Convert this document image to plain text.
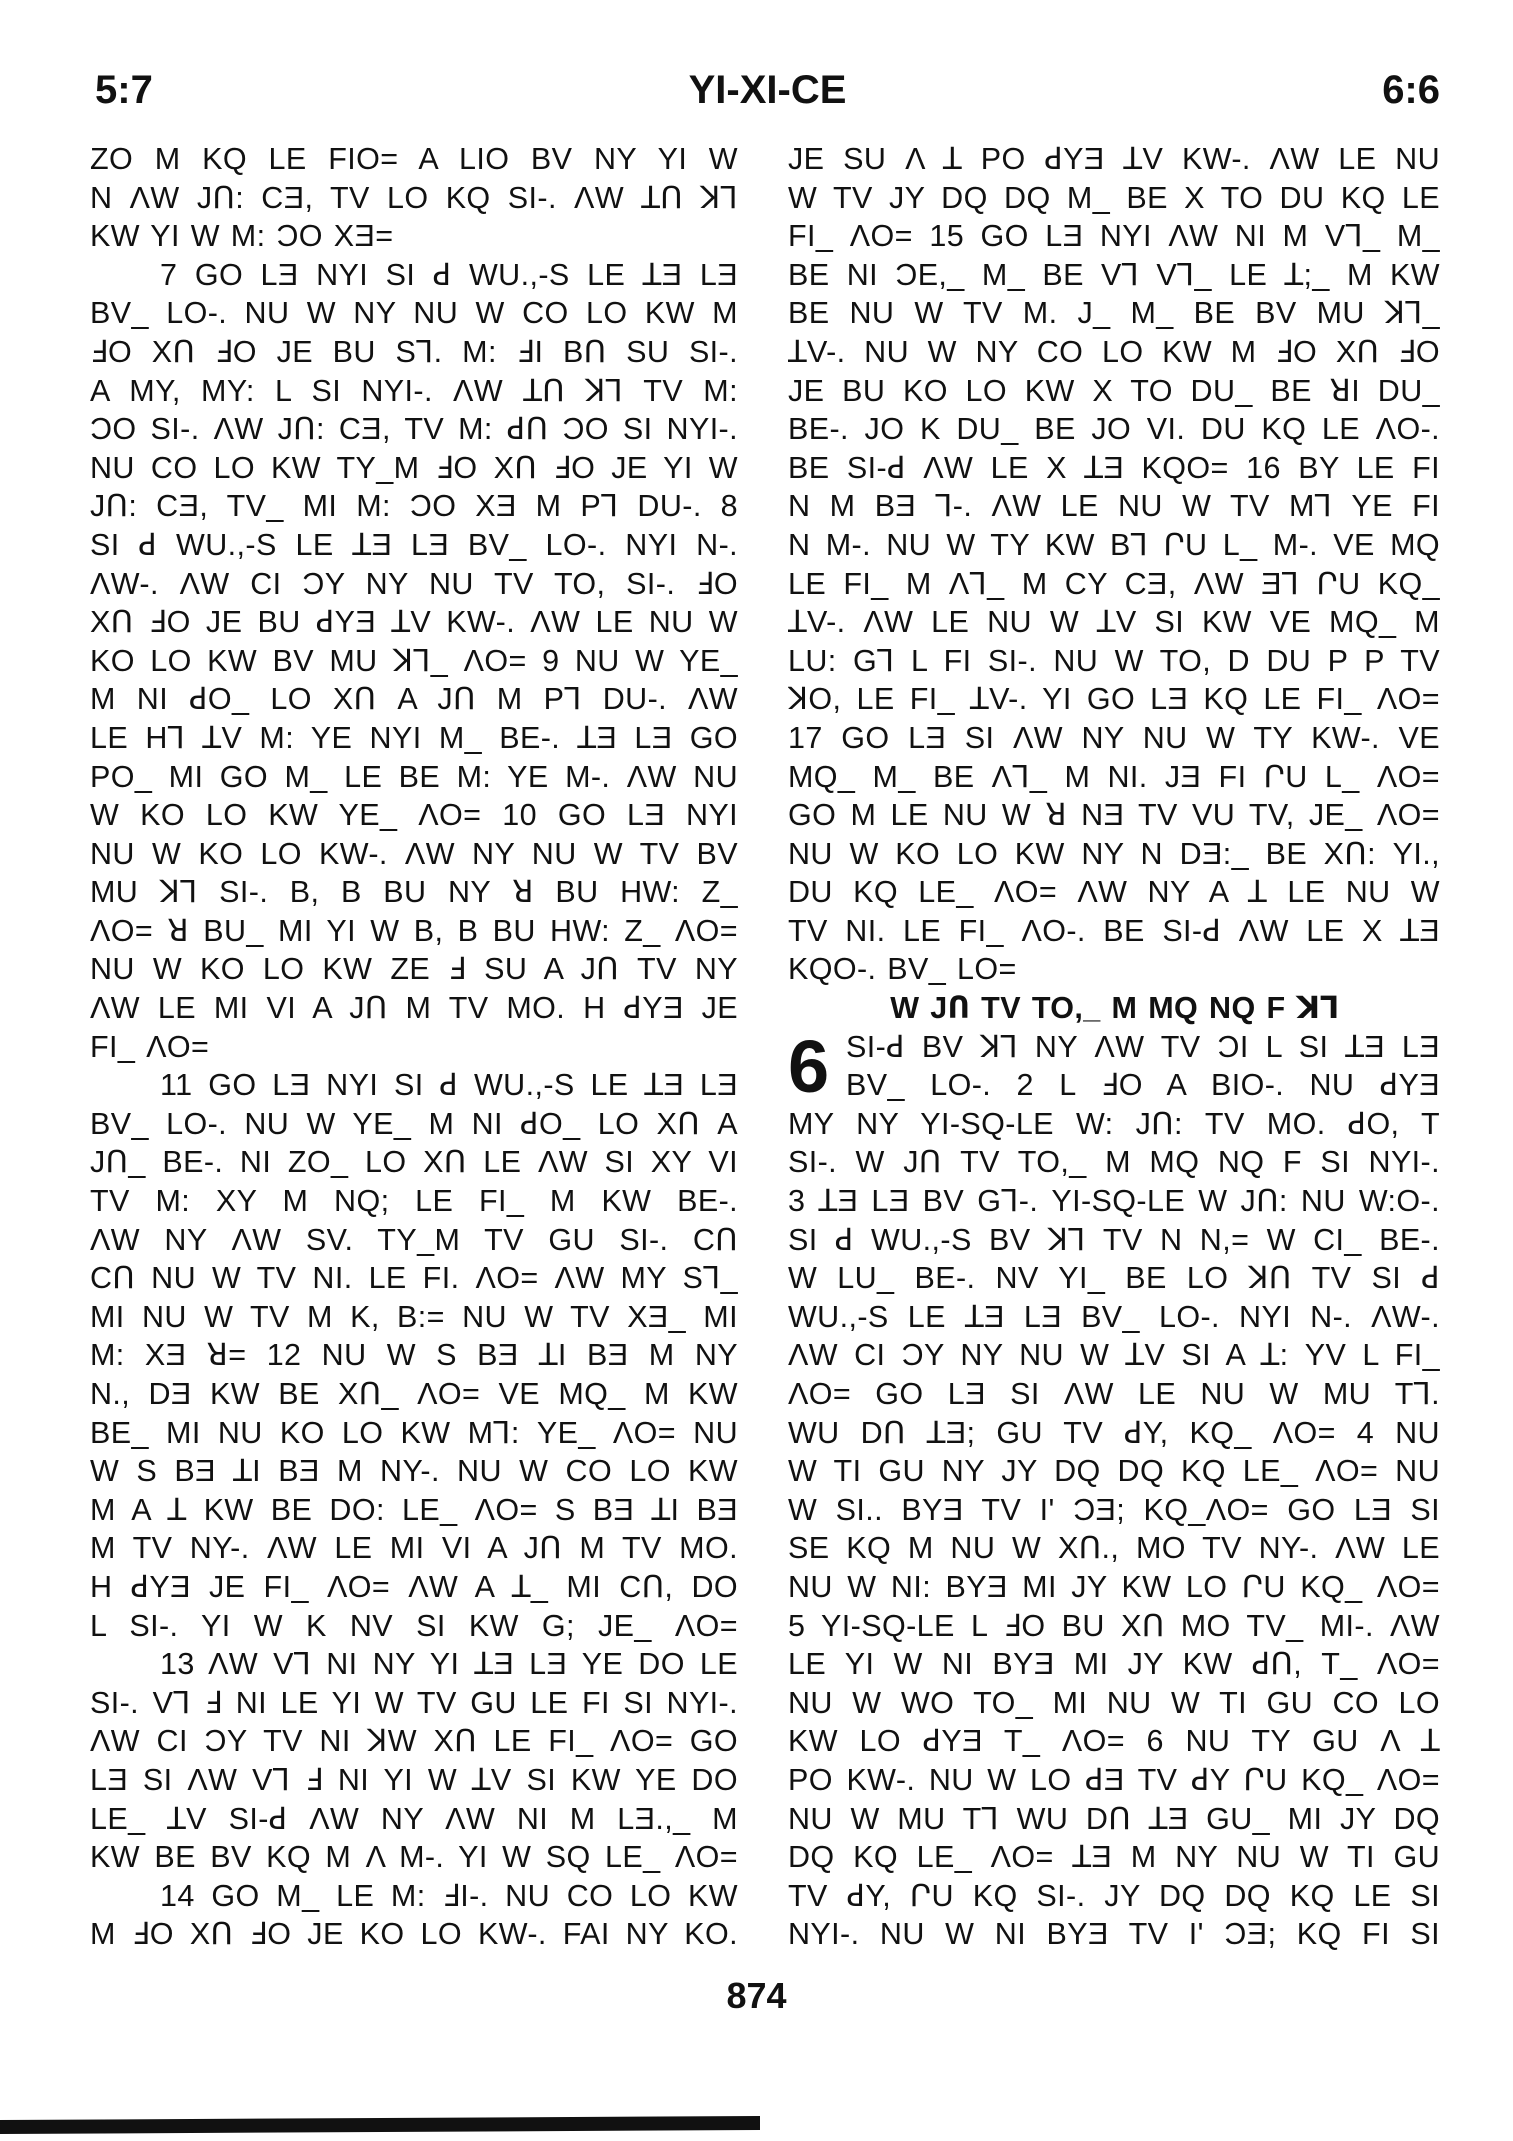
5:7	YI-XI-CE	6:6
ZO M KQ LE FIO= A LIO BV NY YI W
N ΛW JՈ: CƎ, TV LO KQ SI-. ΛW ꓕՈ ꓘꓶ
KW YI W M: ƆO XƎ=
7 GO LƎ NYI SI ꓒ WU.,-S LE ꓕƎ LƎ
BV_ LO-. NU W NY NU W CO LO KW M
ꓞO XՈ ꓞO JE BU Sꓶ. M: ꓞI BՈ SU SI-.
A MY, MY: L SI NYI-. ΛW ꓕՈ ꓘꓶ TV M:
ƆO SI-. ΛW JՈ: CƎ, TV M: ꓒՈ ƆO SI NYI-.
NU CO LO KW TY_M ꓞO XՈ ꓞO JE YI W
JՈ: CƎ, TV_ MI M: ƆO XƎ M Pꓶ DU-. 8
SI ꓒ WU.,-S LE ꓕƎ LƎ BV_ LO-. NYI N-.
ΛW-. ΛW CI ƆY NY NU TV TO, SI-. ꓞO
XՈ ꓞO JE BU ꓒYƎ ꓕV KW-. ΛW LE NU W
KO LO KW BV MU ꓘꓶ_ ΛO= 9 NU W YE_
M NI ꓒO_ LO XՈ A JՈ M Pꓶ DU-. ΛW
LE Hꓶ ꓕV M: YE NYI M_ BE-. ꓕƎ LƎ GO
PO_ MI GO M_ LE BE M: YE M-. ΛW NU
W KO LO KW YE_ ΛO= 10 GO LƎ NYI
NU W KO LO KW-. ΛW NY NU W TV BV
MU ꓘꓶ SI-. B, B BU NY ꓤ BU HW: Z_
ΛO= ꓤ BU_ MI YI W B, B BU HW: Z_ ΛO=
NU W KO LO KW ZE ꓞ SU A JՈ TV NY
ΛW LE MI VI A JՈ M TV MO. H ꓒYƎ JE
FI_ ΛO=
11 GO LƎ NYI SI ꓒ WU.,-S LE ꓕƎ LƎ
BV_ LO-. NU W YE_ M NI ꓒO_ LO XՈ A
JՈ_ BE-. NI ZO_ LO XՈ LE ΛW SI XY VI
TV M: XY M NQ; LE FI_ M KW BE-.
ΛW NY ΛW SV. TY_M TV GU SI-. CՈ
CՈ NU W TV NI. LE FI. ΛO= ΛW MY Sꓶ_
MI NU W TV M K, B:= NU W TV XƎ_ MI
M: XƎ ꓤ= 12 NU W S BƎ ꓕI BƎ M NY
N., DƎ KW BE XՈ_ ΛO= VE MQ_ M KW
BE_ MI NU KO LO KW Mꓶ: YE_ ΛO= NU
W S BƎ ꓕI BƎ M NY-. NU W CO LO KW
M A ꓕ KW BE DO: LE_ ΛO= S BƎ ꓕI BƎ
M TV NY-. ΛW LE MI VI A JՈ M TV MO.
H ꓒYƎ JE FI_ ΛO= ΛW A ꓕ_ MI CՈ, DO
L SI-. YI W K NV SI KW G; JE_ ΛO=
13 ΛW Vꓶ NI NY YI ꓕƎ LƎ YE DO LE
SI-. Vꓶ ꓞ NI LE YI W TV GU LE FI SI NYI-.
ΛW CI ƆY TV NI ꓘW XՈ LE FI_ ΛO= GO
LƎ SI ΛW Vꓶ ꓞ NI YI W ꓕV SI KW YE DO
LE_ ꓕV SI-ꓒ ΛW NY ΛW NI M LƎ.,_ M
KW BE BV KQ M Λ M-. YI W SQ LE_ ΛO=
14 GO M_ LE M: ꓞI-. NU CO LO KW
M ꓞO XՈ ꓞO JE KO LO KW-. FAI NY KO.
JE SU Λ ꓕ PO ꓒYƎ ꓕV KW-. ΛW LE NU
W TV JY DQ DQ M_ BE X TO DU KQ LE
FI_ ΛO= 15 GO LƎ NYI ΛW NI M Vꓶ_ M_
BE NI ƆE,_ M_ BE Vꓶ Vꓶ_ LE ꓕ;_ M KW
BE NU W TV M. J_ M_ BE BV MU ꓘꓶ_
ꓕV-. NU W NY CO LO KW M ꓞO XՈ ꓞO
JE BU KO LO KW X TO DU_ BE ꓤI DU_
BE-. JO K DU_ BE JO VI. DU KQ LE ΛO-.
BE SI-ꓒ ΛW LE X ꓕƎ KQO= 16 BY LE FI
N M BƎ ꓶ-. ΛW LE NU W TV Mꓶ YE FI
N M-. NU W TY KW Bꓶ ՐU L_ M-. VE MQ
LE FI_ M Λꓶ_ M CY CƎ, ΛW Ǝꓶ ՐU KQ_
ꓕV-. ΛW LE NU W ꓕV SI KW VE MQ_ M
LU: Gꓶ L FI SI-. NU W TO, D DU P P TV
ꓘO, LE FI_ ꓕV-. YI GO LƎ KQ LE FI_ ΛO=
17 GO LƎ SI ΛW NY NU W TY KW-. VE
MQ_ M_ BE Λꓶ_ M NI. JƎ FI ՐU L_ ΛO=
GO M LE NU W ꓤ NƎ TV VU TV, JE_ ΛO=
NU W KO LO KW NY N DƎ:_ BE XՈ: YI.,
DU KQ LE_ ΛO= ΛW NY A ꓕ LE NU W
TV NI. LE FI_ ΛO-. BE SI-ꓒ ΛW LE X ꓕƎ
KQO-. BV_ LO=
W JՈ TV TO,_ M MQ NQ F ꓘꓶ
6 SI-ꓒ BV ꓘꓶ NY ΛW TV ƆI L SI ꓕƎ LƎ
BV_ LO-. 2 L ꓞO A BIO-. NU ꓒYƎ
MY NY YI-SQ-LE W: JՈ: TV MO. ꓒO, T
SI-. W JՈ TV TO,_ M MQ NQ F SI NYI-.
3 ꓕƎ LƎ BV Gꓶ-. YI-SQ-LE W JՈ: NU W:O-.
SI ꓒ WU.,-S BV ꓘꓶ TV N N,= W CI_ BE-.
W LU_ BE-. NV YI_ BE LO ꓘՈ TV SI ꓒ
WU.,-S LE ꓕƎ LƎ BV_ LO-. NYI N-. ΛW-.
ΛW CI ƆY NY NU W ꓕV SI A ꓕ: YV L FI_
ΛO= GO LƎ SI ΛW LE NU W MU Tꓶ.
WU DՈ ꓕƎ; GU TV ꓒY, KQ_ ΛO= 4 NU
W TI GU NY JY DQ DQ KQ LE_ ΛO= NU
W SI.. BYƎ TV I' ƆƎ; KQ_ΛO= GO LƎ SI
SE KQ M NU W XՈ., MO TV NY-. ΛW LE
NU W NI: BYƎ MI JY KW LO ՐU KQ_ ΛO=
5 YI-SQ-LE L ꓞO BU XՈ MO TV_ MI-. ΛW
LE YI W NI BYƎ MI JY KW ꓒՈ, T_ ΛO=
NU W WO TO_ MI NU W TI GU CO LO
KW LO ꓒYƎ T_ ΛO= 6 NU TY GU Λ ꓕ
PO KW-. NU W LO ꓒƎ TV ꓒY ՐU KQ_ ΛO=
NU W MU Tꓶ WU DՈ ꓕƎ GU_ MI JY DQ
DQ KQ LE_ ΛO= ꓕƎ M NY NU W TI GU
TV ꓒY, ՐU KQ SI-. JY DQ DQ KQ LE SI
NYI-. NU W NI BYƎ TV I' ƆƎ; KQ FI SI
874
